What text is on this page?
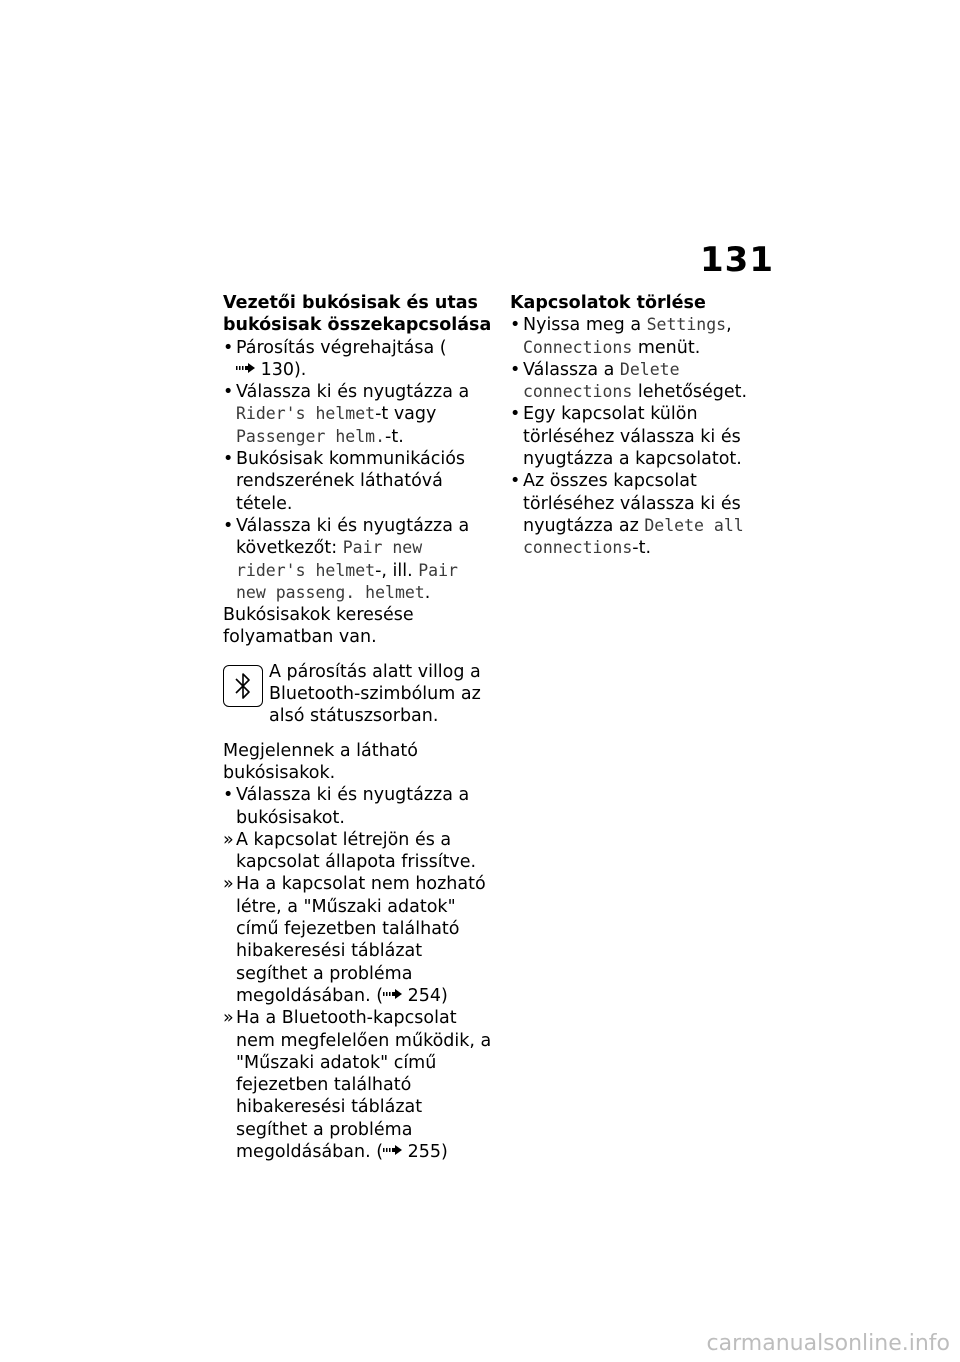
131

Vezetői bukósisak és utas bukósisak összekapcsolása

• Párosítás végrehajtása ( 130).
• Válassza ki és nyugtázza a Rider's helmet-t vagy Passenger helm.-t.
• Bukósisak kommunikációs rendszerének láthatóvá tétele.
• Válassza ki és nyugtázza a következőt: Pair new rider's helmet-, ill. Pair new passeng. helmet.

Bukósisakok keresése folyamatban van.

A párosítás alatt villog a Bluetooth-szimbólum az alsó státuszsorban.

Megjelennek a látható bukósisakok.

• Válassza ki és nyugtázza a bukósisakot.
» A kapcsolat létrejön és a kapcsolat állapota frissítve.
» Ha a kapcsolat nem hozható létre, a "Műszaki adatok" című fejezetben található hibakeresési táblázat segíthet a probléma megoldásában. ( 254)
» Ha a Bluetooth-kapcsolat nem megfelelően működik, a "Műszaki adatok" című fejezetben található hibakeresési táblázat segíthet a probléma megoldásában. ( 255)

Kapcsolatok törlése

• Nyissa meg a Settings, Connections menüt.
• Válassza a Delete connections lehetőséget.
• Egy kapcsolat külön törléséhez válassza ki és nyugtázza a kapcsolatot.
• Az összes kapcsolat törléséhez válassza ki és nyugtázza az Delete all connections-t.
carmanualsonline.info
